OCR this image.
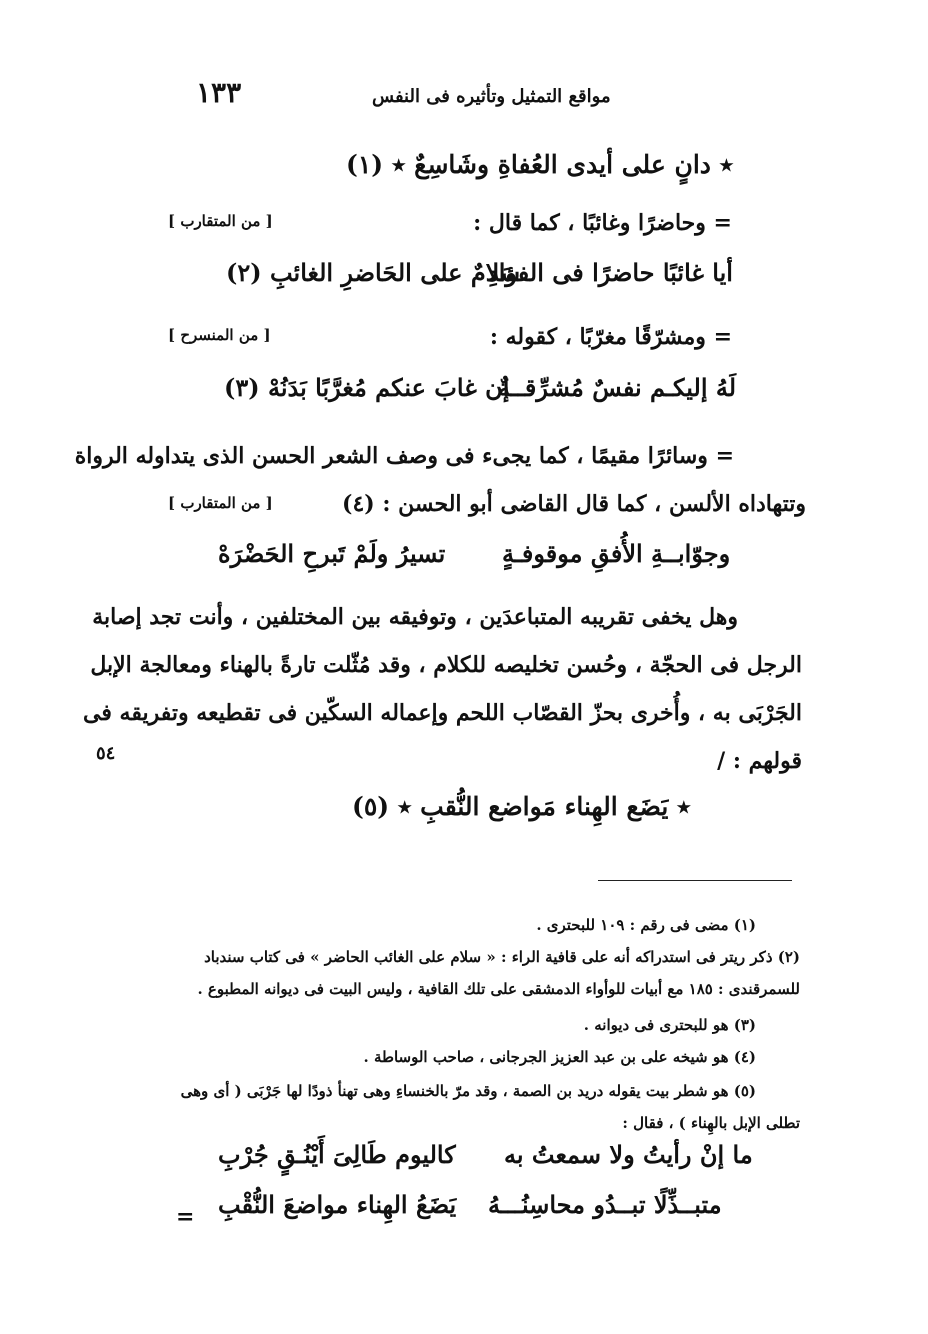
١٣٣	مواقع التمثيل وتأثيره فى النفس
٭ دانٍ على أيدى العُفاةِ وشَاسِعٌ ٭ (١)
= وحاضرًا وغائبًا ، كما قال :
[ من المتقارب ]
أيا غائبًا حاضرًا فى الفؤادِ
سَلامٌ على الحَاضرِ الغائبِ (٢)
= ومشرّقًا مغرّبًا ، كقوله :
[ من المنسرح ]
لَهُ إليكـم نفسٌ مُشرِّقــةٌ
إن غابَ عنكم مُغرَّبًا بَدَنُهْ (٣)
= وسائرًا مقيمًا ، كما يجىء فى وصف الشعر الحسن الذى يتداوله الرواة
وتتهاداه الألسن ، كما قال القاضى أبو الحسن : (٤)
[ من المتقارب ]
وجوّابــةِ الأُفقِ موقوفـةٍ
تسيرُ ولَمْ تَبرحِ الحَضْرَهْ
وهل يخفى تقريبه المتباعدَين ، وتوفيقه بين المختلفين ، وأنت تجد إصابة
الرجل فى الحجّة ، وحُسن تخليصه للكلام ، وقد مُثّلت تارةً بالهناء ومعالجة الإبل
الجَرْبَى به ، وأُخرى بحزّ القصّاب اللحم وإعماله السكّين فى تقطيعه وتفريقه فى
قولهم : /
٥٤
٭ يَضَع الهِناء مَواضع النُّقبِ ٭ (٥)
(١) مضى فى رقم : ١٠٩ للبحترى .
(٢) ذكر ريتر فى استدراكه أنه على قافية الراء : « سلام على الغائب الحاضر » فى كتاب سندباد
للسمرقندى : ١٨٥ مع أبيات للوأواء الدمشقى على تلك القافية ، وليس البيت فى ديوانه المطبوع .
(٣) هو للبحترى فى ديوانه .
(٤) هو شيخه على بن عبد العزيز الجرجانى ، صاحب الوساطة .
(٥) هو شطر بيت يقوله دريد بن الصمة ، وقد مرّ بالخنساءِ وهى تهنأ ذودًا لها جَرْبَى ( أى وهى
تطلى الإبل بالهِناء ) ، فقال :
ما إنْ رأيتُ ولا سمعتُ به
كاليوم طَالِىَ أَيْنُـقٍ جُرْبِ
متبــذِّلًا تبــدُو محاسِنُـــهُ
يَضَعُ الهِناء مواضعَ النُّقْبِ
=
